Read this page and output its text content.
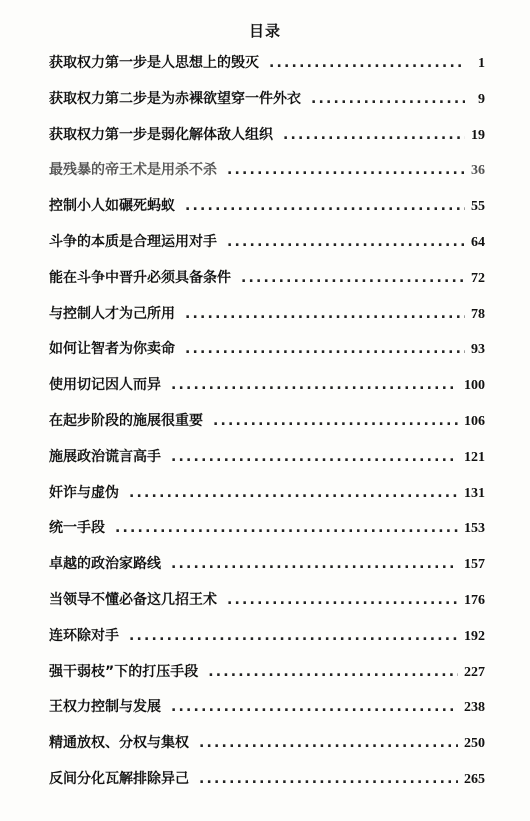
目录
获取权力第一步是人思想上的毁灭 .....	1
获取权力第二步是为赤裸欲望穿一件外衣 .....	9
获取权力第一步是弱化解体敌人组织 .....	19
最残暴的帝王术是用杀不杀 .....	36
控制小人如碾死蚂蚁 .....	55
斗争的本质是合理运用对手 .....	64
能在斗争中晋升必须具备条件 .....	72
与控制人才为己所用 .....	78
如何让智者为你卖命 .....	93
使用切记因人而异 .....	100
在起步阶段的施展很重要 .....	106
施展政治谎言高手 .....	121
奸诈与虚伪 .....	131
统一手段 .....	153
卓越的政治家路线 .....	157
当领导不懂必备这几招王术 .....	176
连环除对手 .....	192
强干弱枝”下的打压手段 .....	227
王权力控制与发展 .....	238
精通放权、分权与集权 .....	250
反间分化瓦解排除异己 .....	265
